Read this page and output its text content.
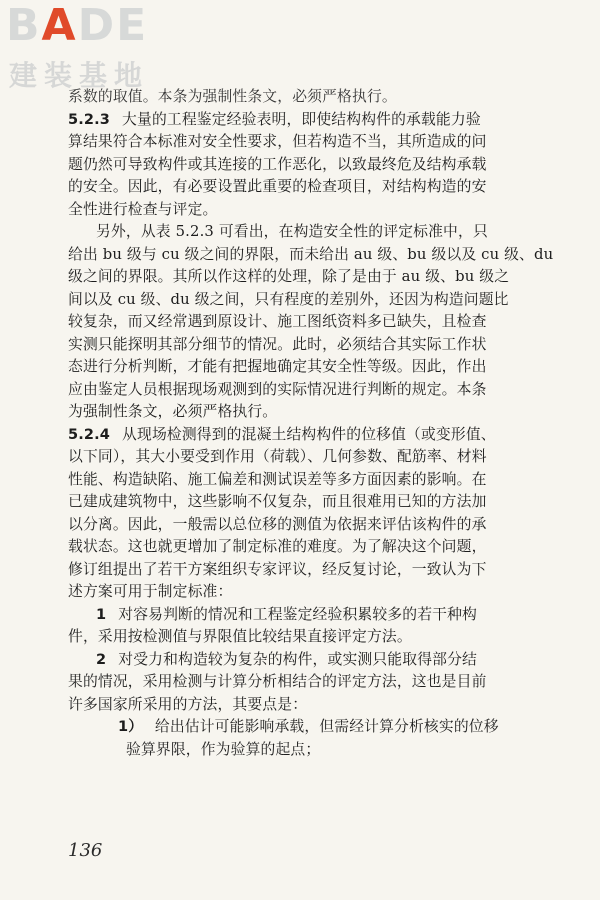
BADE
建装基地
系数的取值。本条为强制性条文，必须严格执行。
5.2.3 大量的工程鉴定经验表明，即使结构构件的承载能力验
算结果符合本标准对安全性要求，但若构造不当，其所造成的问
题仍然可导致构件或其连接的工作恶化，以致最终危及结构承载
的安全。因此，有必要设置此重要的检查项目，对结构构造的安
全性进行检查与评定。
另外，从表 5.2.3 可看出，在构造安全性的评定标准中，只
给出 bu 级与 cu 级之间的界限，而未给出 au 级、bu 级以及 cu 级、du
级之间的界限。其所以作这样的处理，除了是由于 au 级、bu 级之
间以及 cu 级、du 级之间，只有程度的差别外，还因为构造问题比
较复杂，而又经常遇到原设计、施工图纸资料多已缺失，且检查
实测只能探明其部分细节的情况。此时，必须结合其实际工作状
态进行分析判断，才能有把握地确定其安全性等级。因此，作出
应由鉴定人员根据现场观测到的实际情况进行判断的规定。本条
为强制性条文，必须严格执行。
5.2.4 从现场检测得到的混凝土结构构件的位移值（或变形值、
以下同），其大小要受到作用（荷载）、几何参数、配筋率、材料
性能、构造缺陷、施工偏差和测试误差等多方面因素的影响。在
已建成建筑物中，这些影响不仅复杂，而且很难用已知的方法加
以分离。因此，一般需以总位移的测值为依据来评估该构件的承
载状态。这也就更增加了制定标准的难度。为了解决这个问题，
修订组提出了若干方案组织专家评议，经反复讨论，一致认为下
述方案可用于制定标准：
1 对容易判断的情况和工程鉴定经验积累较多的若干种构
件，采用按检测值与界限值比较结果直接评定方法。
2 对受力和构造较为复杂的构件，或实测只能取得部分结
果的情况，采用检测与计算分析相结合的评定方法，这也是目前
许多国家所采用的方法，其要点是：
1） 给出估计可能影响承载，但需经计算分析核实的位移
验算界限，作为验算的起点；
136
